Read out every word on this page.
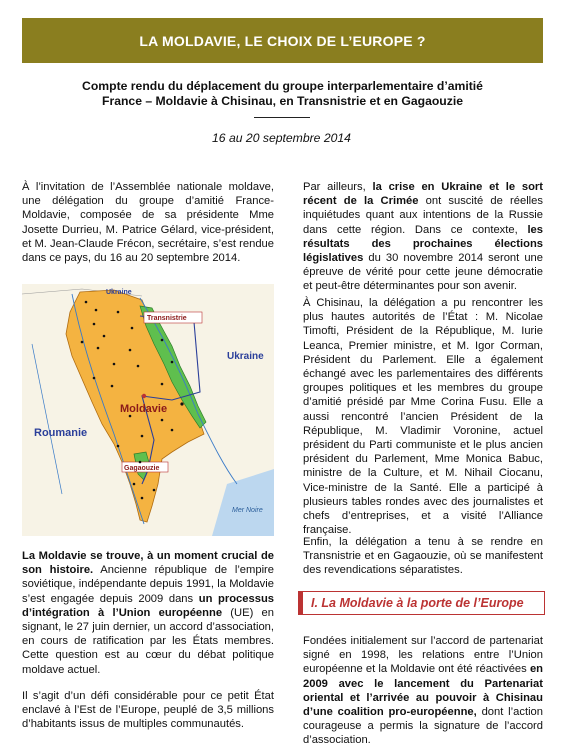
LA MOLDAVIE, LE CHOIX DE L’EUROPE ?
Compte rendu du déplacement du groupe interparlementaire d’amitié
France – Moldavie à Chisinau, en Transnistrie et en Gagaouzie
16 au 20 septembre 2014
À l’invitation de l’Assemblée nationale moldave, une délégation du groupe d’amitié France-Moldavie, composée de sa présidente Mme Josette Durrieu, M. Patrice Gélard, vice-président, et M. Jean-Claude Frécon, secrétaire, s’est rendue dans ce pays, du 16 au 20 septembre 2014.
Ukraine
Ukraine
Moldavie
Roumanie
Transnistrie
Gagaouzie
Mer Noire
La Moldavie se trouve, à un moment crucial de son histoire. Ancienne république de l’empire soviétique, indépendante depuis 1991, la Moldavie s’est engagée depuis 2009 dans un processus d’intégration à l’Union européenne (UE) en signant, le 27 juin dernier, un accord d’association, en cours de ratification par les États membres. Cette question est au cœur du débat politique moldave actuel.
Il s’agit d’un défi considérable pour ce petit État enclavé à l’Est de l’Europe, peuplé de 3,5 millions d’habitants issus de multiples communautés.
Par ailleurs, la crise en Ukraine et le sort récent de la Crimée ont suscité de réelles inquiétudes quant aux intentions de la Russie dans cette région. Dans ce contexte, les résultats des prochaines élections législatives du 30 novembre 2014 seront une épreuve de vérité pour cette jeune démocratie et peut-être déterminantes pour son avenir.
À Chisinau, la délégation a pu rencontrer les plus hautes autorités de l’État : M. Nicolae Timofti, Président de la République, M. Iurie Leanca, Premier ministre, et M. Igor Corman, Président du Parlement. Elle a également échangé avec les parlementaires des différents groupes politiques et les membres du groupe d’amitié présidé par Mme Corina Fusu. Elle a aussi rencontré l’ancien Président de la République, M. Vladimir Voronine, actuel président du Parti communiste et le plus ancien président du Parlement, Mme Monica Babuc, ministre de la Culture, et M. Nihail Ciocanu, Vice-ministre de la Santé. Elle a participé à plusieurs tables rondes avec des journalistes et chefs d’entreprises, et a visité l’Alliance française.
Enfin, la délégation a tenu à se rendre en Transnistrie et en Gagaouzie, où se manifestent des revendications séparatistes.
I. La Moldavie à la porte de l’Europe
Fondées initialement sur l’accord de partenariat signé en 1998, les relations entre l’Union européenne et la Moldavie ont été réactivées en 2009 avec le lancement du Partenariat oriental et l’arrivée au pouvoir à Chisinau d’une coalition pro-européenne, dont l’action courageuse a permis la signature de l’accord d’association.
